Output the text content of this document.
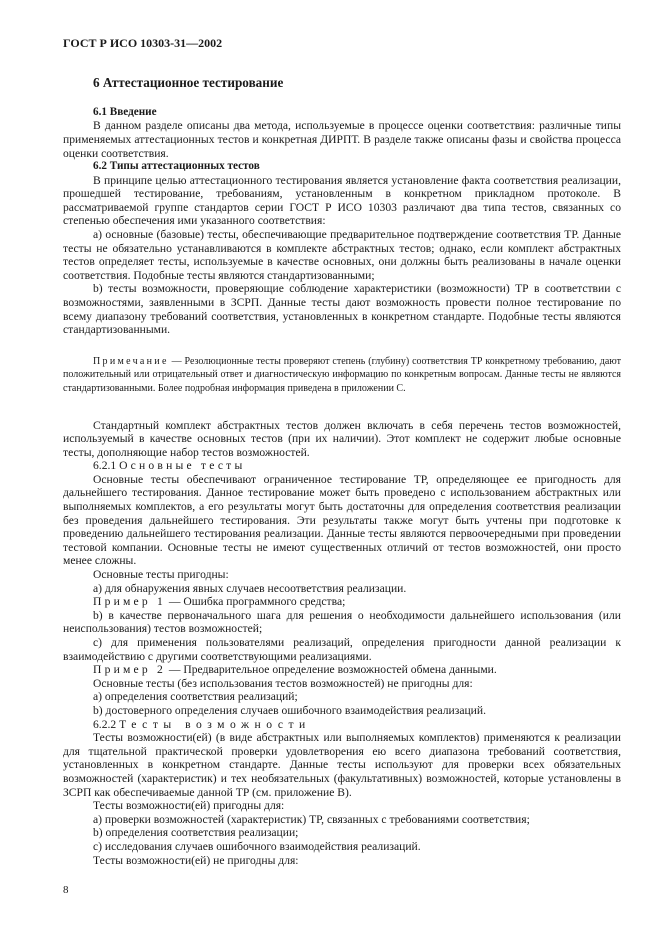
ГОСТ Р ИСО 10303-31—2002
6 Аттестационное тестирование
6.1 Введение

В данном разделе описаны два метода, используемые в процессе оценки соответствия: различные типы применяемых аттестационных тестов и конкретная ДИРПТ. В разделе также описаны фазы и свойства процесса оценки соответствия.

6.2 Типы аттестационных тестов

В принципе целью аттестационного тестирования является установление факта соответствия реализации, прошедшей тестирование, требованиям, установленным в конкретном прикладном протоколе. В рассматриваемой группе стандартов серии ГОСТ Р ИСО 10303 различают два типа тестов, связанных со степенью обеспечения ими указанного соответствия:

а) основные (базовые) тесты, обеспечивающие предварительное подтверждение соответствия ТР. Данные тесты не обязательно устанавливаются в комплекте абстрактных тестов; однако, если комплект абстрактных тестов определяет тесты, используемые в качестве основных, они должны быть реализованы в начале оценки соответствия. Подобные тесты являются стандартизованными;

b) тесты возможности, проверяющие соблюдение характеристики (возможности) ТР в соответствии с возможностями, заявленными в ЗСРП. Данные тесты дают возможность провести полное тестирование по всему диапазону требований соответствия, установленных в конкретном стандарте. Подобные тесты являются стандартизованными.

Примечание — Резолюционные тесты проверяют степень (глубину) соответствия ТР конкретному требованию, дают положительный или отрицательный ответ и диагностическую информацию по конкретным вопросам. Данные тесты не являются стандартизованными. Более подробная информация приведена в приложении С.

Стандартный комплект абстрактных тестов должен включать в себя перечень тестов возможностей, используемый в качестве основных тестов (при их наличии). Этот комплект не содержит любые основные тесты, дополняющие набор тестов возможностей.

6.2.1 Основные тесты

Основные тесты обеспечивают ограниченное тестирование ТР, определяющее ее пригодность для дальнейшего тестирования. Данное тестирование может быть проведено с использованием абстрактных или выполняемых комплектов, а его результаты могут быть достаточны для определения соответствия реализации без проведения дальнейшего тестирования. Эти результаты также могут быть учтены при подготовке к проведению дальнейшего тестирования реализации. Данные тесты являются первоочередными при проведении тестовой компании. Основные тесты не имеют существенных отличий от тестов возможностей, они просто менее сложны.

Основные тесты пригодны:

а) для обнаружения явных случаев несоответствия реализации.

Пример 1 — Ошибка программного средства;

b) в качестве первоначального шага для решения о необходимости дальнейшего использования (или неиспользования) тестов возможностей;

с) для применения пользователями реализаций, определения пригодности данной реализации к взаимодействию с другими соответствующими реализациями.

Пример 2 — Предварительное определение возможностей обмена данными.

Основные тесты (без использования тестов возможностей) не пригодны для:

а) определения соответствия реализаций;

b) достоверного определения случаев ошибочного взаимодействия реализаций.

6.2.2 Тесты возможности

Тесты возможности(ей) (в виде абстрактных или выполняемых комплектов) применяются к реализации для тщательной практической проверки удовлетворения ею всего диапазона требований соответствия, установленных в конкретном стандарте. Данные тесты используют для проверки всех обязательных возможностей (характеристик) и тех необязательных (факультативных) возможностей, которые установлены в ЗСРП как обеспечиваемые данной ТР (см. приложение В).

Тесты возможности(ей) пригодны для:

а) проверки возможностей (характеристик) ТР, связанных с требованиями соответствия;

b) определения соответствия реализации;

с) исследования случаев ошибочного взаимодействия реализаций.

Тесты возможности(ей) не пригодны для:

8
